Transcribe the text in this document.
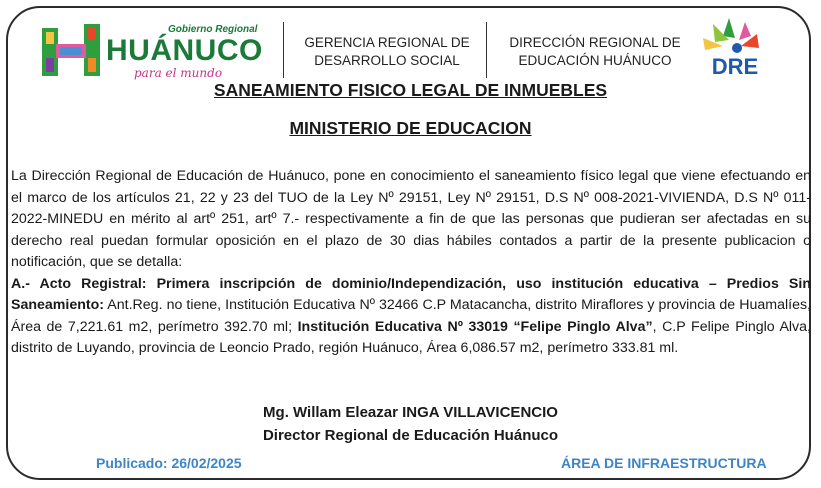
Gobierno Regional
HUÁNUCO
para el mundo
GERENCIA REGIONAL DE
DESARROLLO SOCIAL
DIRECCIÓN REGIONAL DE
EDUCACIÓN HUÁNUCO	DRE
SANEAMIENTO FISICO LEGAL DE INMUEBLES
MINISTERIO DE EDUCACION

La Dirección Regional de Educación de Huánuco, pone en conocimiento el saneamiento físico legal que viene efectuando en el marco de los artículos 21, 22 y 23 del TUO de la Ley Nº 29151, Ley Nº 29151, D.S Nº 008-2021-VIVIENDA, D.S Nº 011-2022-MINEDU en mérito al artº 251, artº 7.- respectivamente a fin de que las personas que pudieran ser afectadas en su derecho real puedan formular oposición en el plazo de 30 dias hábiles contados a partir de la presente publicacion o notificación, que se detalla:

A.- Acto Registral: Primera inscripción de dominio/Independización, uso institución educativa – Predios Sin Saneamiento: Ant.Reg. no tiene, Institución Educativa Nº 32466 C.P Matacancha, distrito Miraflores y provincia de Huamalíes, Área de 7,221.61 m2, perímetro 392.70 ml; Institución Educativa Nº 33019 “Felipe Pinglo Alva”, C.P Felipe Pinglo Alva, distrito de Luyando, provincia de Leoncio Prado, región Huánuco, Área 6,086.57 m2, perímetro 333.81 ml.

Mg. Willam Eleazar INGA VILLAVICENCIO
Director Regional de Educación Huánuco
Publicado: 26/02/2025	ÁREA DE INFRAESTRUCTURA
